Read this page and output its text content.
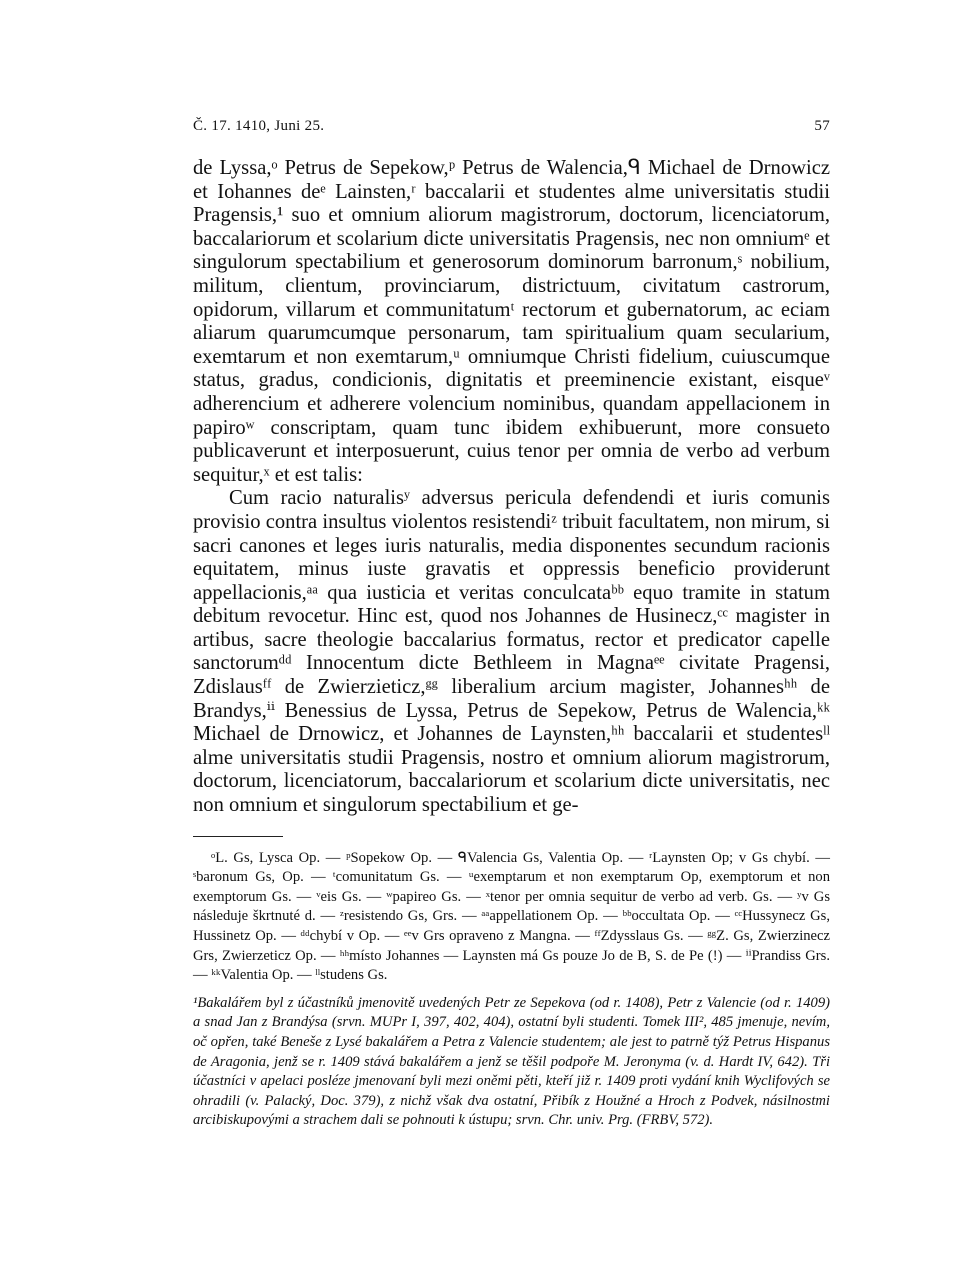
Č. 17. 1410, Juni 25.	57

de Lyssa,ᵒ Petrus de Sepekow,ᵖ Petrus de Walencia,ᑫ Michael de Drnowicz et Iohannes deᵉ Lainsten,ʳ baccalarii et studentes alme universitatis studii Pragensis,¹ suo et omnium aliorum magistrorum, doctorum, licenciatorum, baccalariorum et scolarium dicte universitatis Pragensis, nec non omniumᵉ et singulorum spectabilium et generosorum dominorum barronum,ˢ nobilium, militum, clientum, provinciarum, districtuum, civitatum castrorum, opidorum, villarum et communitatumᵗ rectorum et gubernatorum, ac eciam aliarum quarumcumque personarum, tam spiritualium quam secularium, exemtarum et non exemtarum,ᵘ omniumque Christi fidelium, cuiuscumque status, gradus, condicionis, dignitatis et preeminencie existant, eisqueᵛ adherencium et adherere volencium nominibus, quandam appellacionem in papiroʷ conscriptam, quam tunc ibidem exhibuerunt, more consueto publicaverunt et interposuerunt, cuius tenor per omnia de verbo ad verbum sequitur,ˣ et est talis:

Cum racio naturalisʸ adversus pericula defendendi et iuris comunis provisio contra insultus violentos resistendiᶻ tribuit facultatem, non mirum, si sacri canones et leges iuris naturalis, media disponentes secundum racionis equitatem, minus iuste gravatis et oppressis beneficio providerunt appellacionis,ᵃᵃ qua iusticia et veritas conculcataᵇᵇ equo tramite in statum debitum revocetur. Hinc est, quod nos Johannes de Husinecz,ᶜᶜ magister in artibus, sacre theologie baccalarius formatus, rector et predicator capelle sanctorumᵈᵈ Innocentum dicte Bethleem in Magnaᵉᵉ civitate Pragensi, Zdislausᶠᶠ de Zwierzieticz,ᵍᵍ liberalium arcium magister, Johannesʰʰ de Brandys,ⁱⁱ Benessius de Lyssa, Petrus de Sepekow, Petrus de Walencia,ᵏᵏ Michael de Drnowicz, et Johannes de Laynsten,ʰʰ baccalarii et studentesˡˡ alme universitatis studii Pragensis, nostro et omnium aliorum magistrorum, doctorum, licenciatorum, baccalariorum et scolarium dicte universitatis, nec non omnium et singulorum spectabilium et ge-

ᵒL. Gs, Lysca Op. — ᵖSopekow Op. — ᑫValencia Gs, Valentia Op. — ʳLaynsten Op; v Gs chybí. — ˢbaronum Gs, Op. — ᵗcomunitatum Gs. — ᵘexemptarum et non exemptarum Op, exemptorum et non exemptorum Gs. — ᵛeis Gs. — ʷpapireo Gs. — ˣtenor per omnia sequitur de verbo ad verb. Gs. — ʸv Gs následuje škrtnuté d. — ᶻresistendo Gs, Grs. — ᵃᵃappellationem Op. — ᵇᵇoccultata Op. — ᶜᶜHussynecz Gs, Hussinetz Op. — ᵈᵈchybí v Op. — ᵉᵉv Grs opraveno z Mangna. — ᶠᶠZdysslaus Gs. — ᵍᵍZ. Gs, Zwierzinecz Grs, Zwierzeticz Op. — ʰʰmísto Johannes — Laynsten má Gs pouze Jo de B, S. de Pe (!) — ⁱⁱPrandiss Grs. — ᵏᵏValentia Op. — ˡˡstudens Gs.

¹Bakalářem byl z účastníků jmenovitě uvedených Petr ze Sepekova (od r. 1408), Petr z Valencie (od r. 1409) a snad Jan z Brandýsa (srvn. MUPr I, 397, 402, 404), ostatní byli studenti. Tomek III², 485 jmenuje, nevím, oč opřen, také Beneše z Lysé bakalářem a Petra z Valencie studentem; ale jest to patrně týž Petrus Hispanus de Aragonia, jenž se r. 1409 stává bakalářem a jenž se těšil podpoře M. Jeronyma (v. d. Hardt IV, 642). Tři účastníci v apelaci posléze jmenovaní byli mezi oněmi pěti, kteří již r. 1409 proti vydání knih Wyclifových se ohradili (v. Palacký, Doc. 379), z nichž však dva ostatní, Přibík z Houžné a Hroch z Podvek, násilnostmi arcibiskupovými a strachem dali se pohnouti k ústupu; srvn. Chr. univ. Prg. (FRBV, 572).
